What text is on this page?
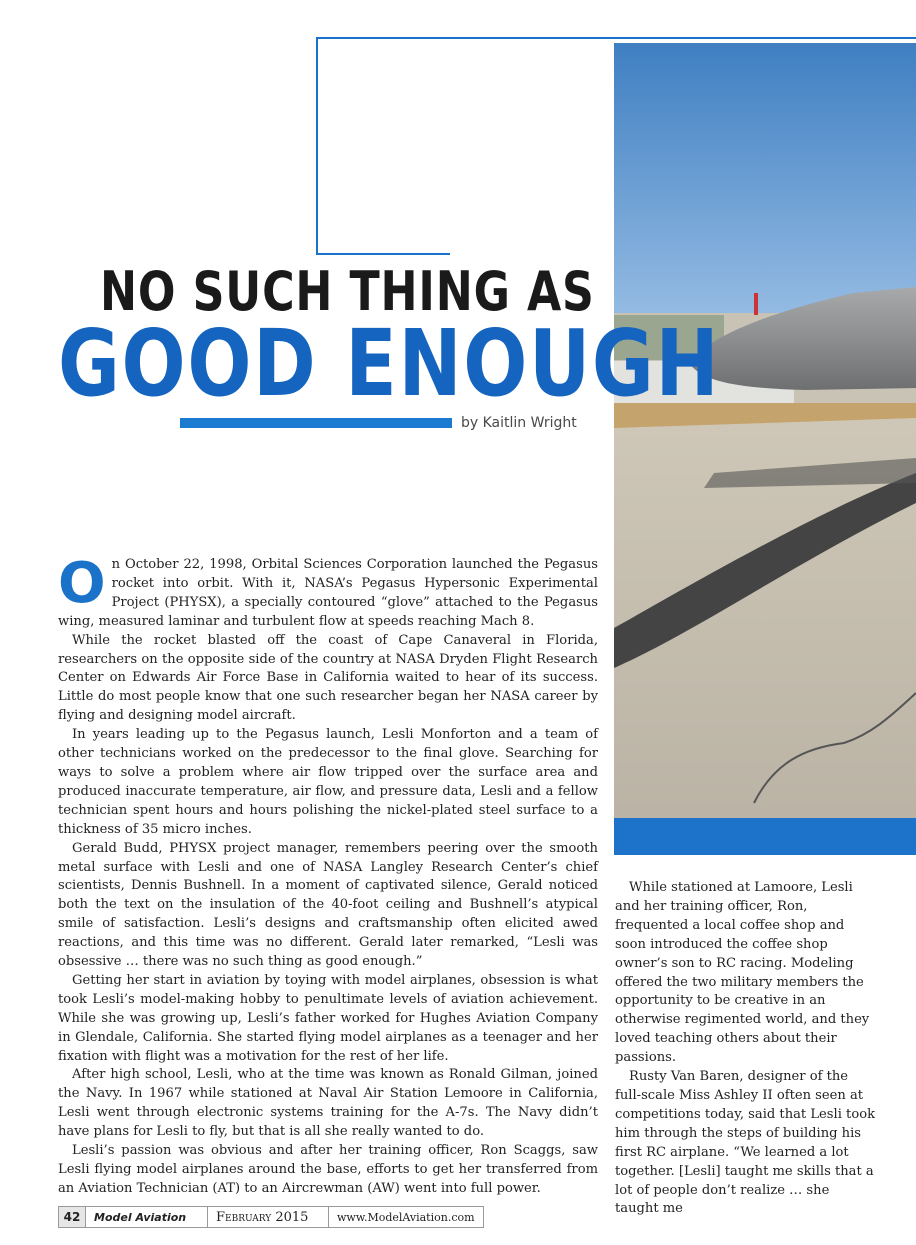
NO SUCH THING AS
GOOD ENOUGH
by Kaitlin Wright

On October 22, 1998, Orbital Sciences Corporation launched the Pegasus rocket into orbit. With it, NASA’s Pegasus Hypersonic Experimental Project (PHYSX), a specially contoured “glove” attached to the Pegasus wing, measured laminar and turbulent flow at speeds reaching Mach 8.

While the rocket blasted off the coast of Cape Canaveral in Florida, researchers on the opposite side of the country at NASA Dryden Flight Research Center on Edwards Air Force Base in California waited to hear of its success. Little do most people know that one such researcher began her NASA career by flying and designing model aircraft.

In years leading up to the Pegasus launch, Lesli Monforton and a team of other technicians worked on the predecessor to the final glove. Searching for ways to solve a problem where air flow tripped over the surface area and produced inaccurate temperature, air flow, and pressure data, Lesli and a fellow technician spent hours and hours polishing the nickel-plated steel surface to a thickness of 35 micro inches.

Gerald Budd, PHYSX project manager, remembers peering over the smooth metal surface with Lesli and one of NASA Langley Research Center’s chief scientists, Dennis Bushnell. In a moment of captivated silence, Gerald noticed both the text on the insulation of the 40-foot ceiling and Bushnell’s atypical smile of satisfaction. Lesli’s designs and craftsmanship often elicited awed reactions, and this time was no different. Gerald later remarked, “Lesli was obsessive … there was no such thing as good enough.”

Getting her start in aviation by toying with model airplanes, obsession is what took Lesli’s model-making hobby to penultimate levels of aviation achievement. While she was growing up, Lesli’s father worked for Hughes Aviation Company in Glendale, California. She started flying model airplanes as a teenager and her fixation with flight was a motivation for the rest of her life.

After high school, Lesli, who at the time was known as Ronald Gilman, joined the Navy. In 1967 while stationed at Naval Air Station Lemoore in California, Lesli went through electronic systems training for the A-7s. The Navy didn’t have plans for Lesli to fly, but that is all she really wanted to do.

Lesli’s passion was obvious and after her training officer, Ron Scaggs, saw Lesli flying model airplanes around the base, efforts to get her transferred from an Aviation Technician (AT) to an Aircrewman (AW) went into full power.

While stationed at Lamoore, Lesli and her training officer, Ron, frequented a local coffee shop and soon introduced the coffee shop owner’s son to RC racing. Modeling offered the two military members the opportunity to be creative in an otherwise regimented world, and they loved teaching others about their passions.

Rusty Van Baren, designer of the full-scale Miss Ashley II often seen at competitions today, said that Lesli took him through the steps of building his first RC airplane. “We learned a lot together. [Lesli] taught me skills that a lot of people don’t realize … she taught me

42	Model Aviation	February 2015	www.ModelAviation.com
